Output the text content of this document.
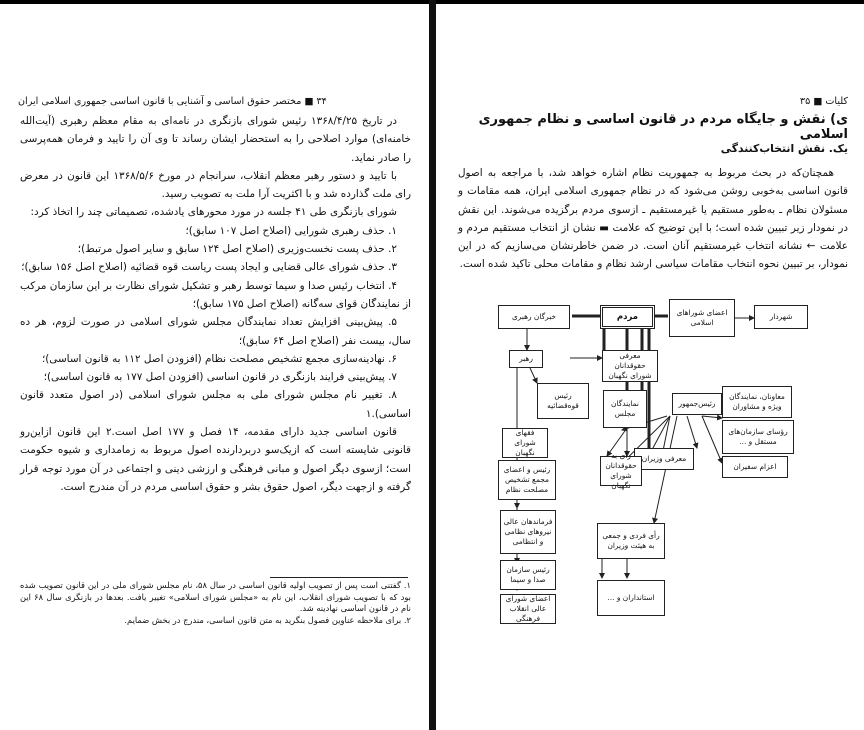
۳۴ ■ مختصر حقوق اساسی و آشنایی با قانون اساسی جمهوری اسلامی ایران

در تاریخ ۱۳۶۸/۴/۲۵ رئیس شورای بازنگری در نامه‌ای به مقام معظم رهبری (آیت‌الله خامنه‌ای) موارد اصلاحی را به استحضار ایشان رساند تا وی آن را تایید و فرمان همه‌پرسی را صادر نماید.

با تایید و دستور رهبر معظم انقلاب، سرانجام در مورخ ۱۳۶۸/۵/۶ این قانون در معرض رای ملت گذارده شد و با اکثریت آرا ملت به تصویب رسید.

شورای بازنگری طی ۴۱ جلسه در مورد محورهای یادشده، تصمیماتی چند را اتخاذ کرد:

۱. حذف رهبری شورایی (اصلاح اصل ۱۰۷ سابق)؛

۲. حذف پست نخست‌وزیری (اصلاح اصل ۱۲۴ سابق و سایر اصول مرتبط)؛

۳. حذف شورای عالی قضایی و ایجاد پست ریاست قوه قضائیه (اصلاح اصل ۱۵۶ سابق)؛

۴. انتخاب رئیس صدا و سیما توسط رهبر و تشکیل شورای نظارت بر این سازمان مرکب از نمایندگان قوای سه‌گانه (اصلاح اصل ۱۷۵ سابق)؛

۵. پیش‌بینی افزایش تعداد نمایندگان مجلس شورای اسلامی در صورت لزوم، هر ده سال، بیست نفر (اصلاح اصل ۶۴ سابق)؛

۶. نهادینه‌سازی مجمع تشخیص مصلحت نظام (افزودن اصل ۱۱۲ به قانون اساسی)؛

۷. پیش‌بینی فرایند بازنگری در قانون اساسی (افزودن اصل ۱۷۷ به قانون اساسی)؛

۸. تغییر نام مجلس شورای ملی به مجلس شورای اسلامی (در اصول متعدد قانون اساسی).۱

قانون اساسی جدید دارای مقدمه، ۱۴ فصل و ۱۷۷ اصل است.۲ این قانون ازاین‌رو قانونی شایسته است که ازیک‌سو دربردارنده اصول مربوط به زمامداری و شیوه حکومت است؛ ازسوی دیگر اصول و مبانی فرهنگی و ارزشی دینی و اجتماعی در آن مورد توجه قرار گرفته و ازجهت دیگر، اصول حقوق بشر و حقوق اساسی مردم در آن مندرج است.

۱. گفتنی است پس از تصویب اولیه قانون اساسی در سال ۵۸، نام مجلس شورای ملی در این قانون تصویب شده بود که با تصویب شورای انقلاب، این نام به «مجلس شورای اسلامی» تغییر یافت. بعدها در بازنگری سال ۶۸ این نام در قانون اساسی نهادینه شد.

۲. برای ملاحظه عناوین فصول بنگرید به متن قانون اساسی، مندرج در بخش ضمایم.

کلیات ■ ۳۵
ی) نقش و جایگاه مردم در قانون اساسی و نظام جمهوری اسلامی
یک. نقش انتخاب‌کنندگی

همچنان‌که در بحث مربوط به جمهوریت نظام اشاره خواهد شد، با مراجعه به اصول قانون اساسی به‌خوبی روشن می‌شود که در نظام جمهوری اسلامی ایران، همه مقامات و مسئولان نظام ـ به‌طور مستقیم یا غیرمستقیم ـ ازسوی مردم برگزیده می‌شوند. این نقش در نمودار زیر تبیین شده است؛ با این توضیح که علامت ▬ نشان از انتخاب مستقیم مردم و علامت ← نشانه انتخاب غیرمستقیم آنان است. در ضمن خاطرنشان می‌سازیم که در این نمودار، بر تبیین نحوه انتخاب مقامات سیاسی ارشد نظام و مقامات محلی تاکید شده است.

خبرگان رهبری	مردم	اعضای شوراهای اسلامی
شهردار
رهبر	معرفی حقوقدانان شورای نگهبان
رئیس قوه‌قضائیه	نمایندگان مجلس
رئیس‌جمهور
معاونان، نمایندگان ویژه و مشاوران
فقهای شورای نگهبان
رؤسای سازمان‌های مستقل و ...
معرفی وزیران
رأی به حقوقدانان شورای نگهبان
اعزام سفیران
رئیس و اعضای مجمع تشخیص مصلحت نظام
فرماندهان عالی نیروهای نظامی و انتظامی
رأی فردی و جمعی به هیئت وزیران
رئیس سازمان صدا و سیما
استانداران و ...
اعضای شورای عالی انقلاب فرهنگی
